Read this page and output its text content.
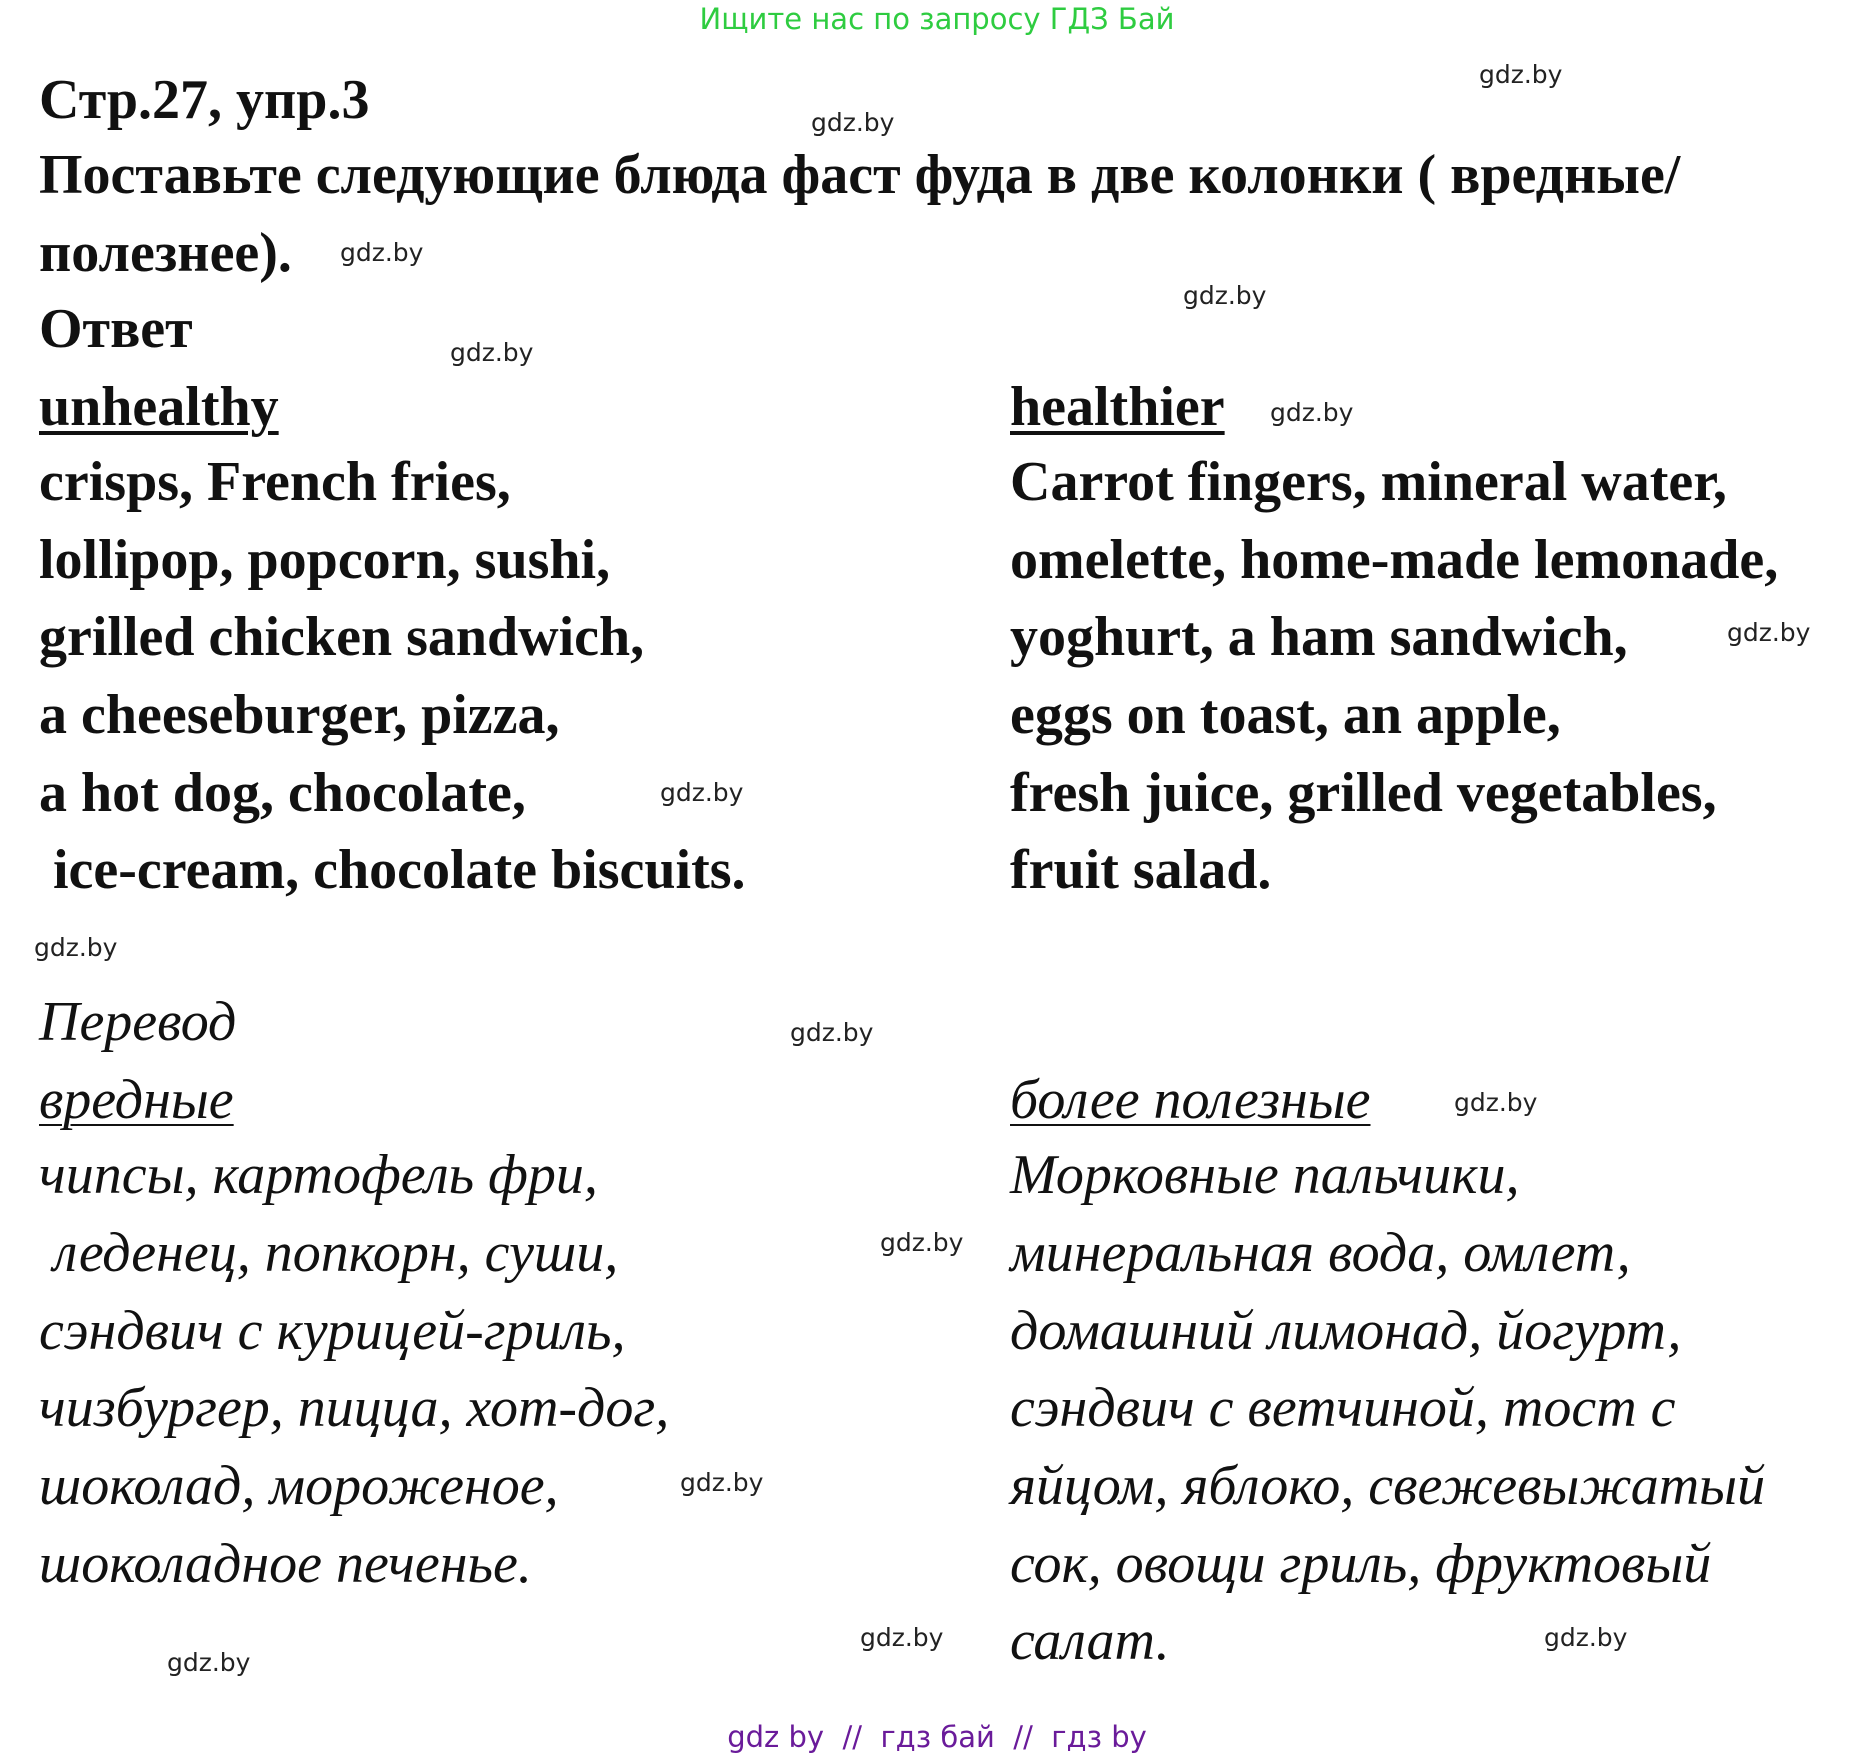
Ищите нас по запросу ГДЗ Бай
Стр.27, упр.3
Поставьте следующие блюда фаст фуда в две колонки ( вредные/
полезнее).
Ответ
unhealthy	healthier
crisps, French fries,
lollipop, popcorn, sushi,
grilled chicken sandwich,
a cheeseburger, pizza,
a hot dog, chocolate,
ice-cream, chocolate biscuits.
Carrot fingers, mineral water,
omelette, home-made lemonade,
yoghurt, a ham sandwich,
eggs on toast, an apple,
fresh juice, grilled vegetables,
fruit salad.
Перевод
вредные	более полезные
чипсы, картофель фри,
леденец, попкорн, суши,
сэндвич с курицей-гриль,
чизбургер, пицца, хот-дог,
шоколад, мороженое,
шоколадное печенье.
Морковные пальчики,
минеральная вода, омлет,
домашний лимонад, йогурт,
сэндвич с ветчиной, тост с
яйцом, яблоко, свежевыжатый
сок, овощи гриль, фруктовый
салат.
gdz.by
gdz.by
gdz.by
gdz.by
gdz.by
gdz.by
gdz.by
gdz.by
gdz.by
gdz.by
gdz.by
gdz.by
gdz.by
gdz.by
gdz.by
gdz.by
gdz by  //  гдз бай  //  гдз by
